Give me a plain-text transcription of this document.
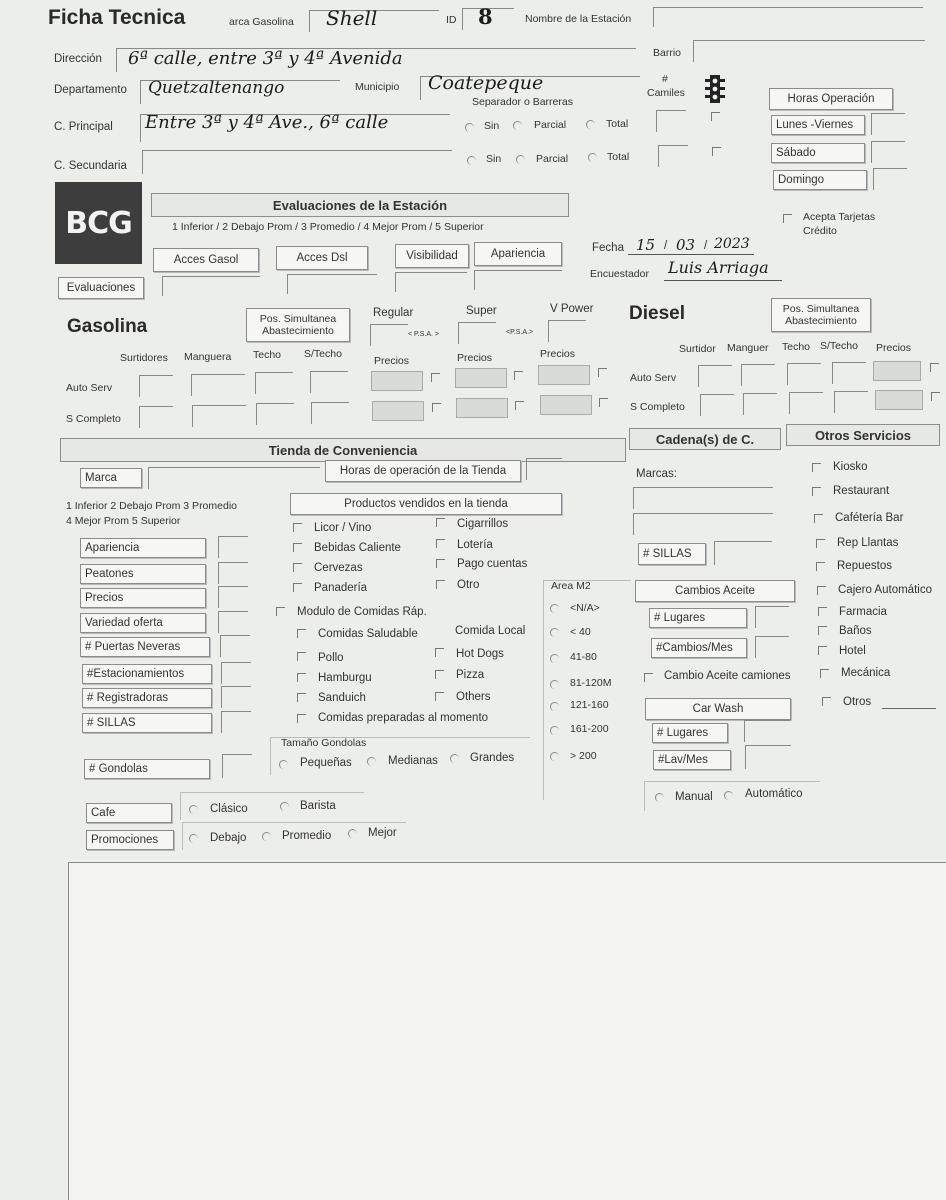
Ficha Tecnica	arca Gasolina Shell	ID 8	Nombre de la Estación
Dirección 6ª calle, entre 3ª y 4ª Avenida	Barrio
Departamento Quetzaltenango	Municipio Coatepeque	#
Camiles
Separador o Barreras
C. Principal Entre 3ª y 4ª Ave., 6ª calle
C. Secundaria
Sin	Parcial	Total
Sin	Parcial	Total
Horas Operación
Lunes -Viernes
Sábado
Domingo
BCG
Evaluaciones de la Estación
1 Inferior / 2 Debajo Prom / 3 Promedio / 4 Mejor Prom / 5 Superior
Acepta Tarjetas
Crédito
Acces Gasol	Acces Dsl	Visibilidad	Apariencia
Evaluaciones
Fecha 15 / 03 / 2023
Encuestador Luis Arriaga
Gasolina	Pos. Simultanea
Abastecimiento
Regular	Super	V Power
< P.S.A. >	<P.S.A.>
Surtidores Manguera Techo S/Techo
Precios	Precios	Precios
Auto Serv
S Completo
Diesel	Pos. Simultanea
Abastecimiento
Surtidor Manguer Techo S/Techo Precios
Auto Serv
S Completo
Tienda de Conveniencia
Cadena(s) de C.	Otros Servicios
Marca
Horas de operación de la Tienda
1 Inferior 2 Debajo Prom 3 Promedio
4 Mejor Prom 5 Superior
Productos vendidos en la tienda
Apariencia
Peatones
Precios
Variedad oferta
# Puertas Neveras
#Estacionamientos
# Registradoras
# SILLAS
# Gondolas
Licor / Vino
Bebidas Caliente
Cervezas
Panadería
Cigarrillos
Lotería
Pago cuentas
Otro
Modulo de Comidas Ráp.
Comidas Saludable	Comida Local
Pollo
Hamburgu
Sanduich
Comidas preparadas al momento
Hot Dogs
Pizza
Others
Tamaño Gondolas
Pequeñas	Medianas	Grandes
Area M2
<N/A>
< 40
41-80
81-120M
121-160
161-200
> 200
Cafe	Clásico	Barista
Promociones	Debajo	Promedio	Mejor
Marcas:
# SILLAS
Cambios Aceite
# Lugares
#Cambios/Mes
Cambio Aceite camiones
Car Wash
# Lugares
#Lav/Mes
Manual	Automático
Kiosko
Restaurant
Cafétería Bar
Rep Llantas
Repuestos
Cajero Automático
Farmacia
Baños
Hotel
Mecánica
Otros
